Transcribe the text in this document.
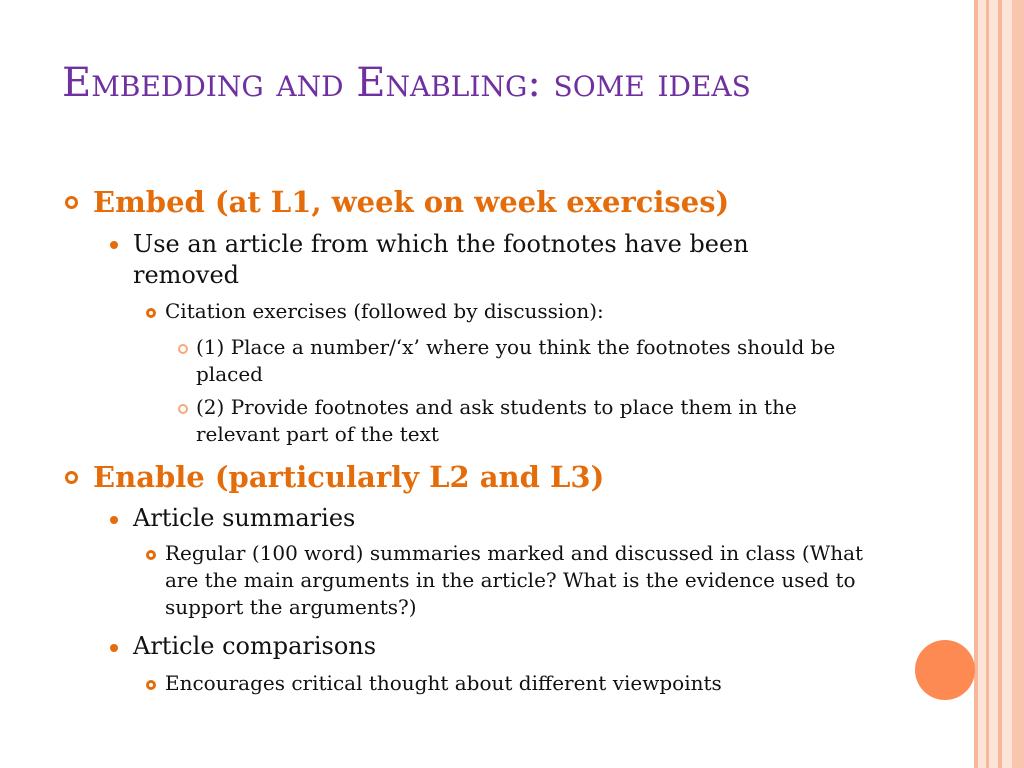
Embedding and Enabling: some ideas

Embed (at L1, week on week exercises)

Use an article from which the footnotes have been removed

Citation exercises (followed by discussion):

(1) Place a number/‘x’ where you think the footnotes should be placed

(2) Provide footnotes and ask students to place them in the relevant part of the text

Enable (particularly L2 and L3)

Article summaries

Regular (100 word) summaries marked and discussed in class (What are the main arguments in the article? What is the evidence used to support the arguments?)

Article comparisons

Encourages critical thought about different viewpoints
